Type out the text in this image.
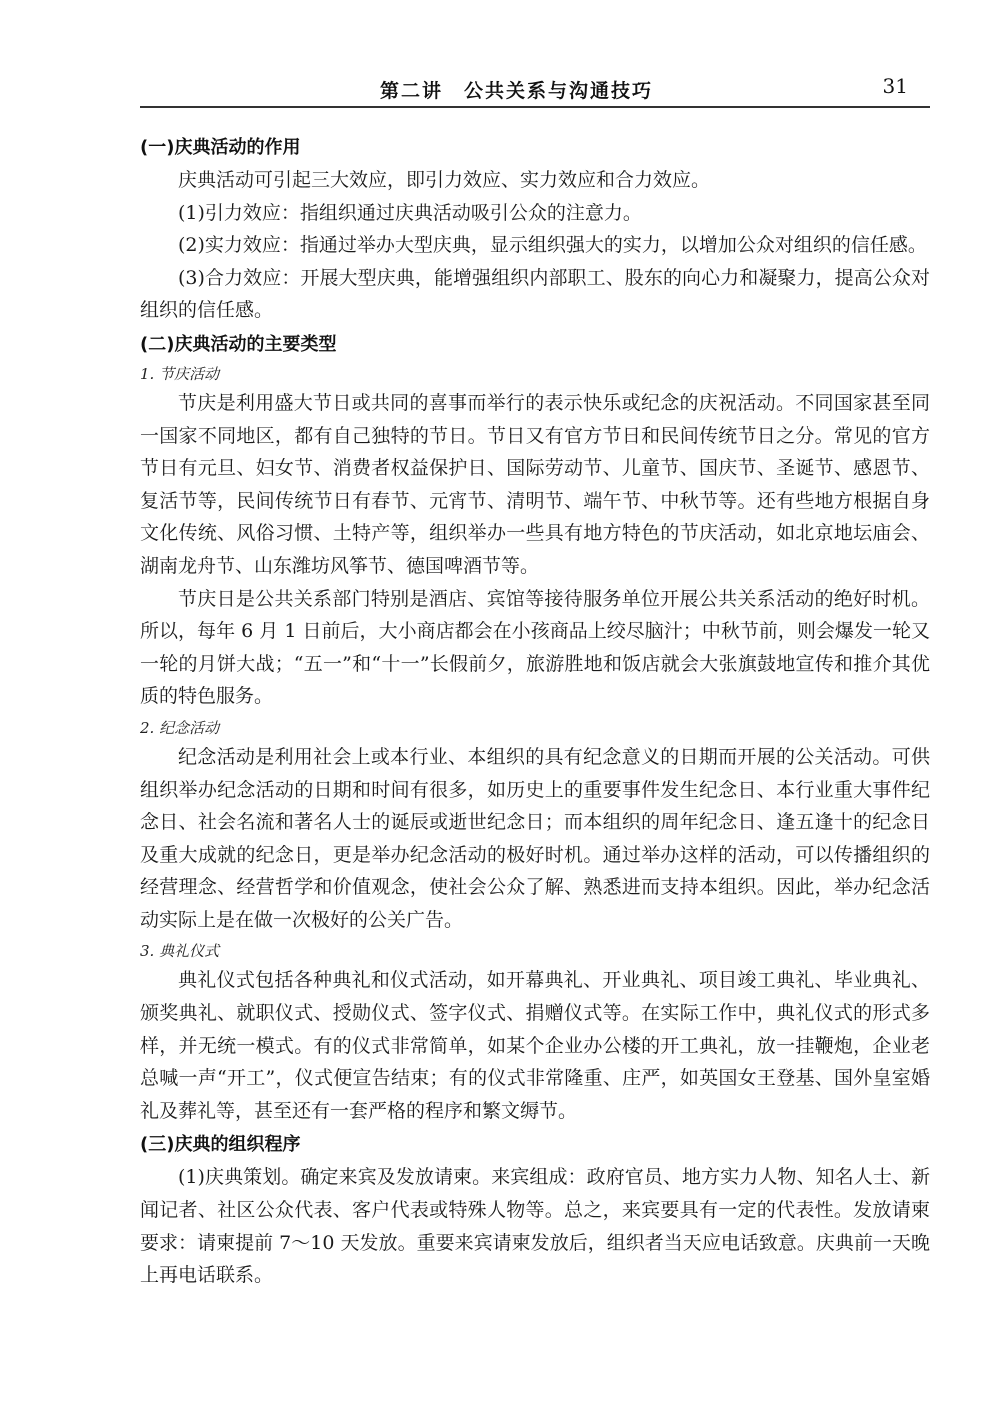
第二讲　公共关系与沟通技巧	31

(一)庆典活动的作用

庆典活动可引起三大效应，即引力效应、实力效应和合力效应。

(1)引力效应：指组织通过庆典活动吸引公众的注意力。

(2)实力效应：指通过举办大型庆典，显示组织强大的实力，以增加公众对组织的信任感。

(3)合力效应：开展大型庆典，能增强组织内部职工、股东的向心力和凝聚力，提高公众对组织的信任感。

(二)庆典活动的主要类型

1. 节庆活动

节庆是利用盛大节日或共同的喜事而举行的表示快乐或纪念的庆祝活动。不同国家甚至同一国家不同地区，都有自己独特的节日。节日又有官方节日和民间传统节日之分。常见的官方节日有元旦、妇女节、消费者权益保护日、国际劳动节、儿童节、国庆节、圣诞节、感恩节、复活节等，民间传统节日有春节、元宵节、清明节、端午节、中秋节等。还有些地方根据自身文化传统、风俗习惯、土特产等，组织举办一些具有地方特色的节庆活动，如北京地坛庙会、湖南龙舟节、山东潍坊风筝节、德国啤酒节等。

节庆日是公共关系部门特别是酒店、宾馆等接待服务单位开展公共关系活动的绝好时机。所以，每年 6 月 1 日前后，大小商店都会在小孩商品上绞尽脑汁；中秋节前，则会爆发一轮又一轮的月饼大战；“五一”和“十一”长假前夕，旅游胜地和饭店就会大张旗鼓地宣传和推介其优质的特色服务。

2. 纪念活动

纪念活动是利用社会上或本行业、本组织的具有纪念意义的日期而开展的公关活动。可供组织举办纪念活动的日期和时间有很多，如历史上的重要事件发生纪念日、本行业重大事件纪念日、社会名流和著名人士的诞辰或逝世纪念日；而本组织的周年纪念日、逢五逢十的纪念日及重大成就的纪念日，更是举办纪念活动的极好时机。通过举办这样的活动，可以传播组织的经营理念、经营哲学和价值观念，使社会公众了解、熟悉进而支持本组织。因此，举办纪念活动实际上是在做一次极好的公关广告。

3. 典礼仪式

典礼仪式包括各种典礼和仪式活动，如开幕典礼、开业典礼、项目竣工典礼、毕业典礼、颁奖典礼、就职仪式、授勋仪式、签字仪式、捐赠仪式等。在实际工作中，典礼仪式的形式多样，并无统一模式。有的仪式非常简单，如某个企业办公楼的开工典礼，放一挂鞭炮，企业老总喊一声“开工”，仪式便宣告结束；有的仪式非常隆重、庄严，如英国女王登基、国外皇室婚礼及葬礼等，甚至还有一套严格的程序和繁文缛节。

(三)庆典的组织程序

(1)庆典策划。确定来宾及发放请柬。来宾组成：政府官员、地方实力人物、知名人士、新闻记者、社区公众代表、客户代表或特殊人物等。总之，来宾要具有一定的代表性。发放请柬要求：请柬提前 7～10 天发放。重要来宾请柬发放后，组织者当天应电话致意。庆典前一天晚上再电话联系。
